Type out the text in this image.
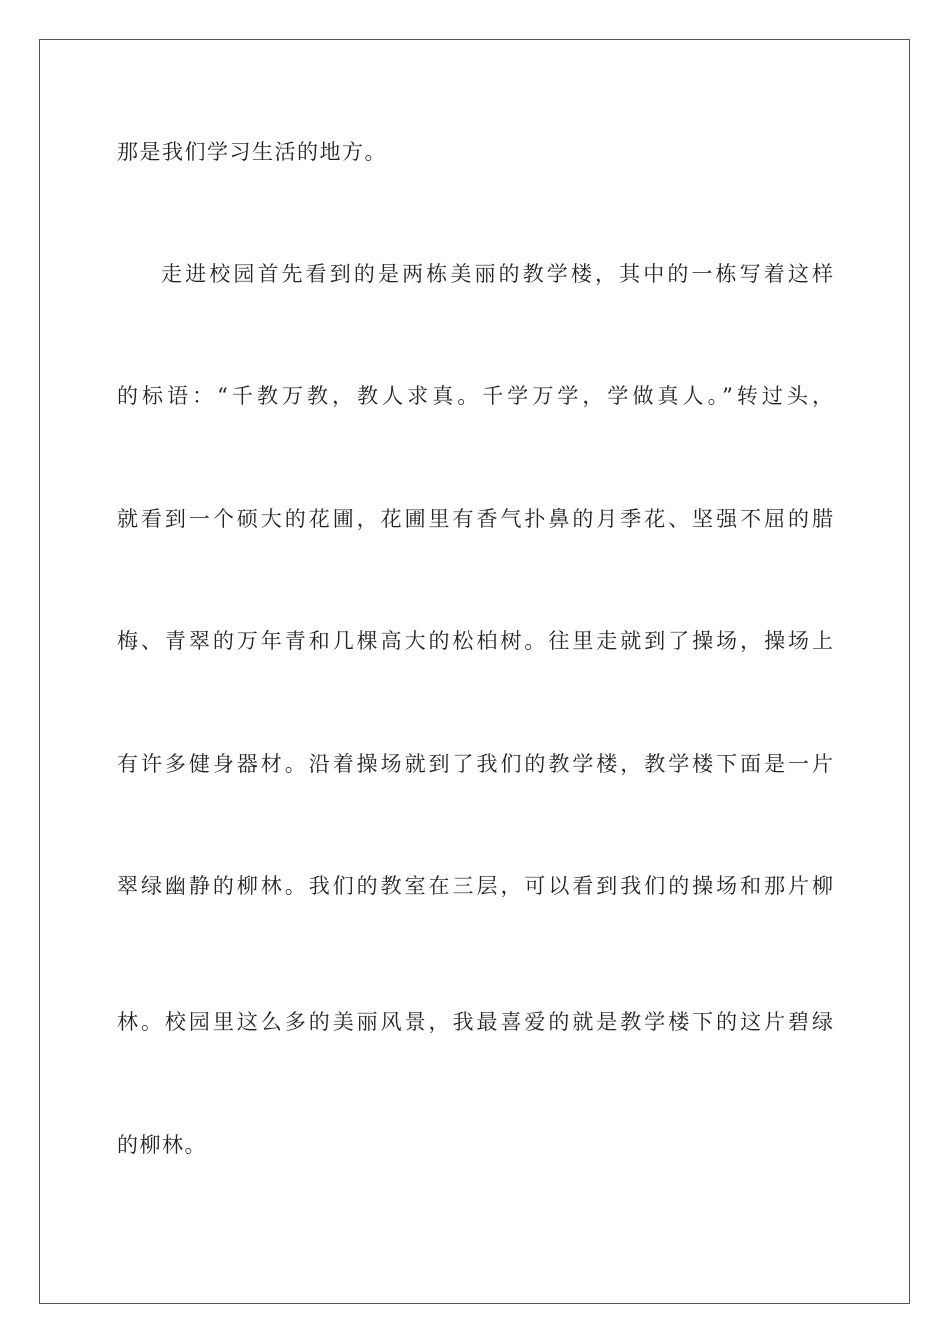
那是我们学习生活的地方。
走进校园首先看到的是两栋美丽的教学楼，其中的一栋写着这样
的标语：“千教万教，教人求真。千学万学，学做真人。”转过头，
就看到一个硕大的花圃，花圃里有香气扑鼻的月季花、坚强不屈的腊
梅、青翠的万年青和几棵高大的松柏树。往里走就到了操场，操场上
有许多健身器材。沿着操场就到了我们的教学楼，教学楼下面是一片
翠绿幽静的柳林。我们的教室在三层，可以看到我们的操场和那片柳
林。校园里这么多的美丽风景，我最喜爱的就是教学楼下的这片碧绿
的柳林。
